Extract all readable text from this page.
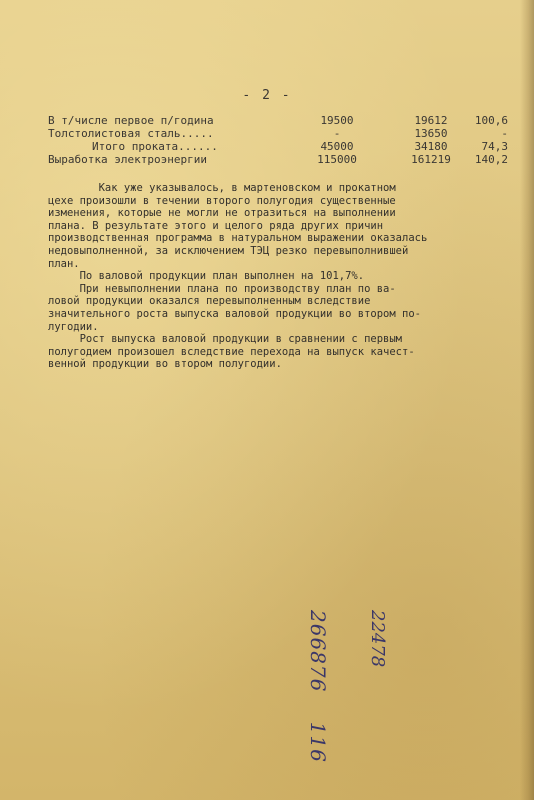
- 2 -
В т/числе первое п/година	19500	19612	100,6
Толстолистовая сталь.....	-	13650	-
Итого проката......	45000	34180	74,3
Выработка электроэнергии	115000	161219	140,2

Как уже указывалось, в мартеновском и прокатном

цехе произошли в течении второго полугодия существенные

изменения, которые не могли не отразиться на выполнении

плана. В результате этого и целого ряда других причин

производственная программа в натуральном выражении оказалась

недовыполненной, за исключением ТЭЦ резко перевыполнившей

план.

По валовой продукции план выполнен на 101,7%.

При невыполнении плана по производству план по ва-

ловой продукции оказался перевыполненным вследствие

значительного роста выпуска валовой продукции во втором по-

лугодии.

Рост выпуска валовой продукции в сравнении с первым

полугодием произошел вследствие перехода на выпуск качест-

венной продукции во втором полугодии.

266876 116
22478
